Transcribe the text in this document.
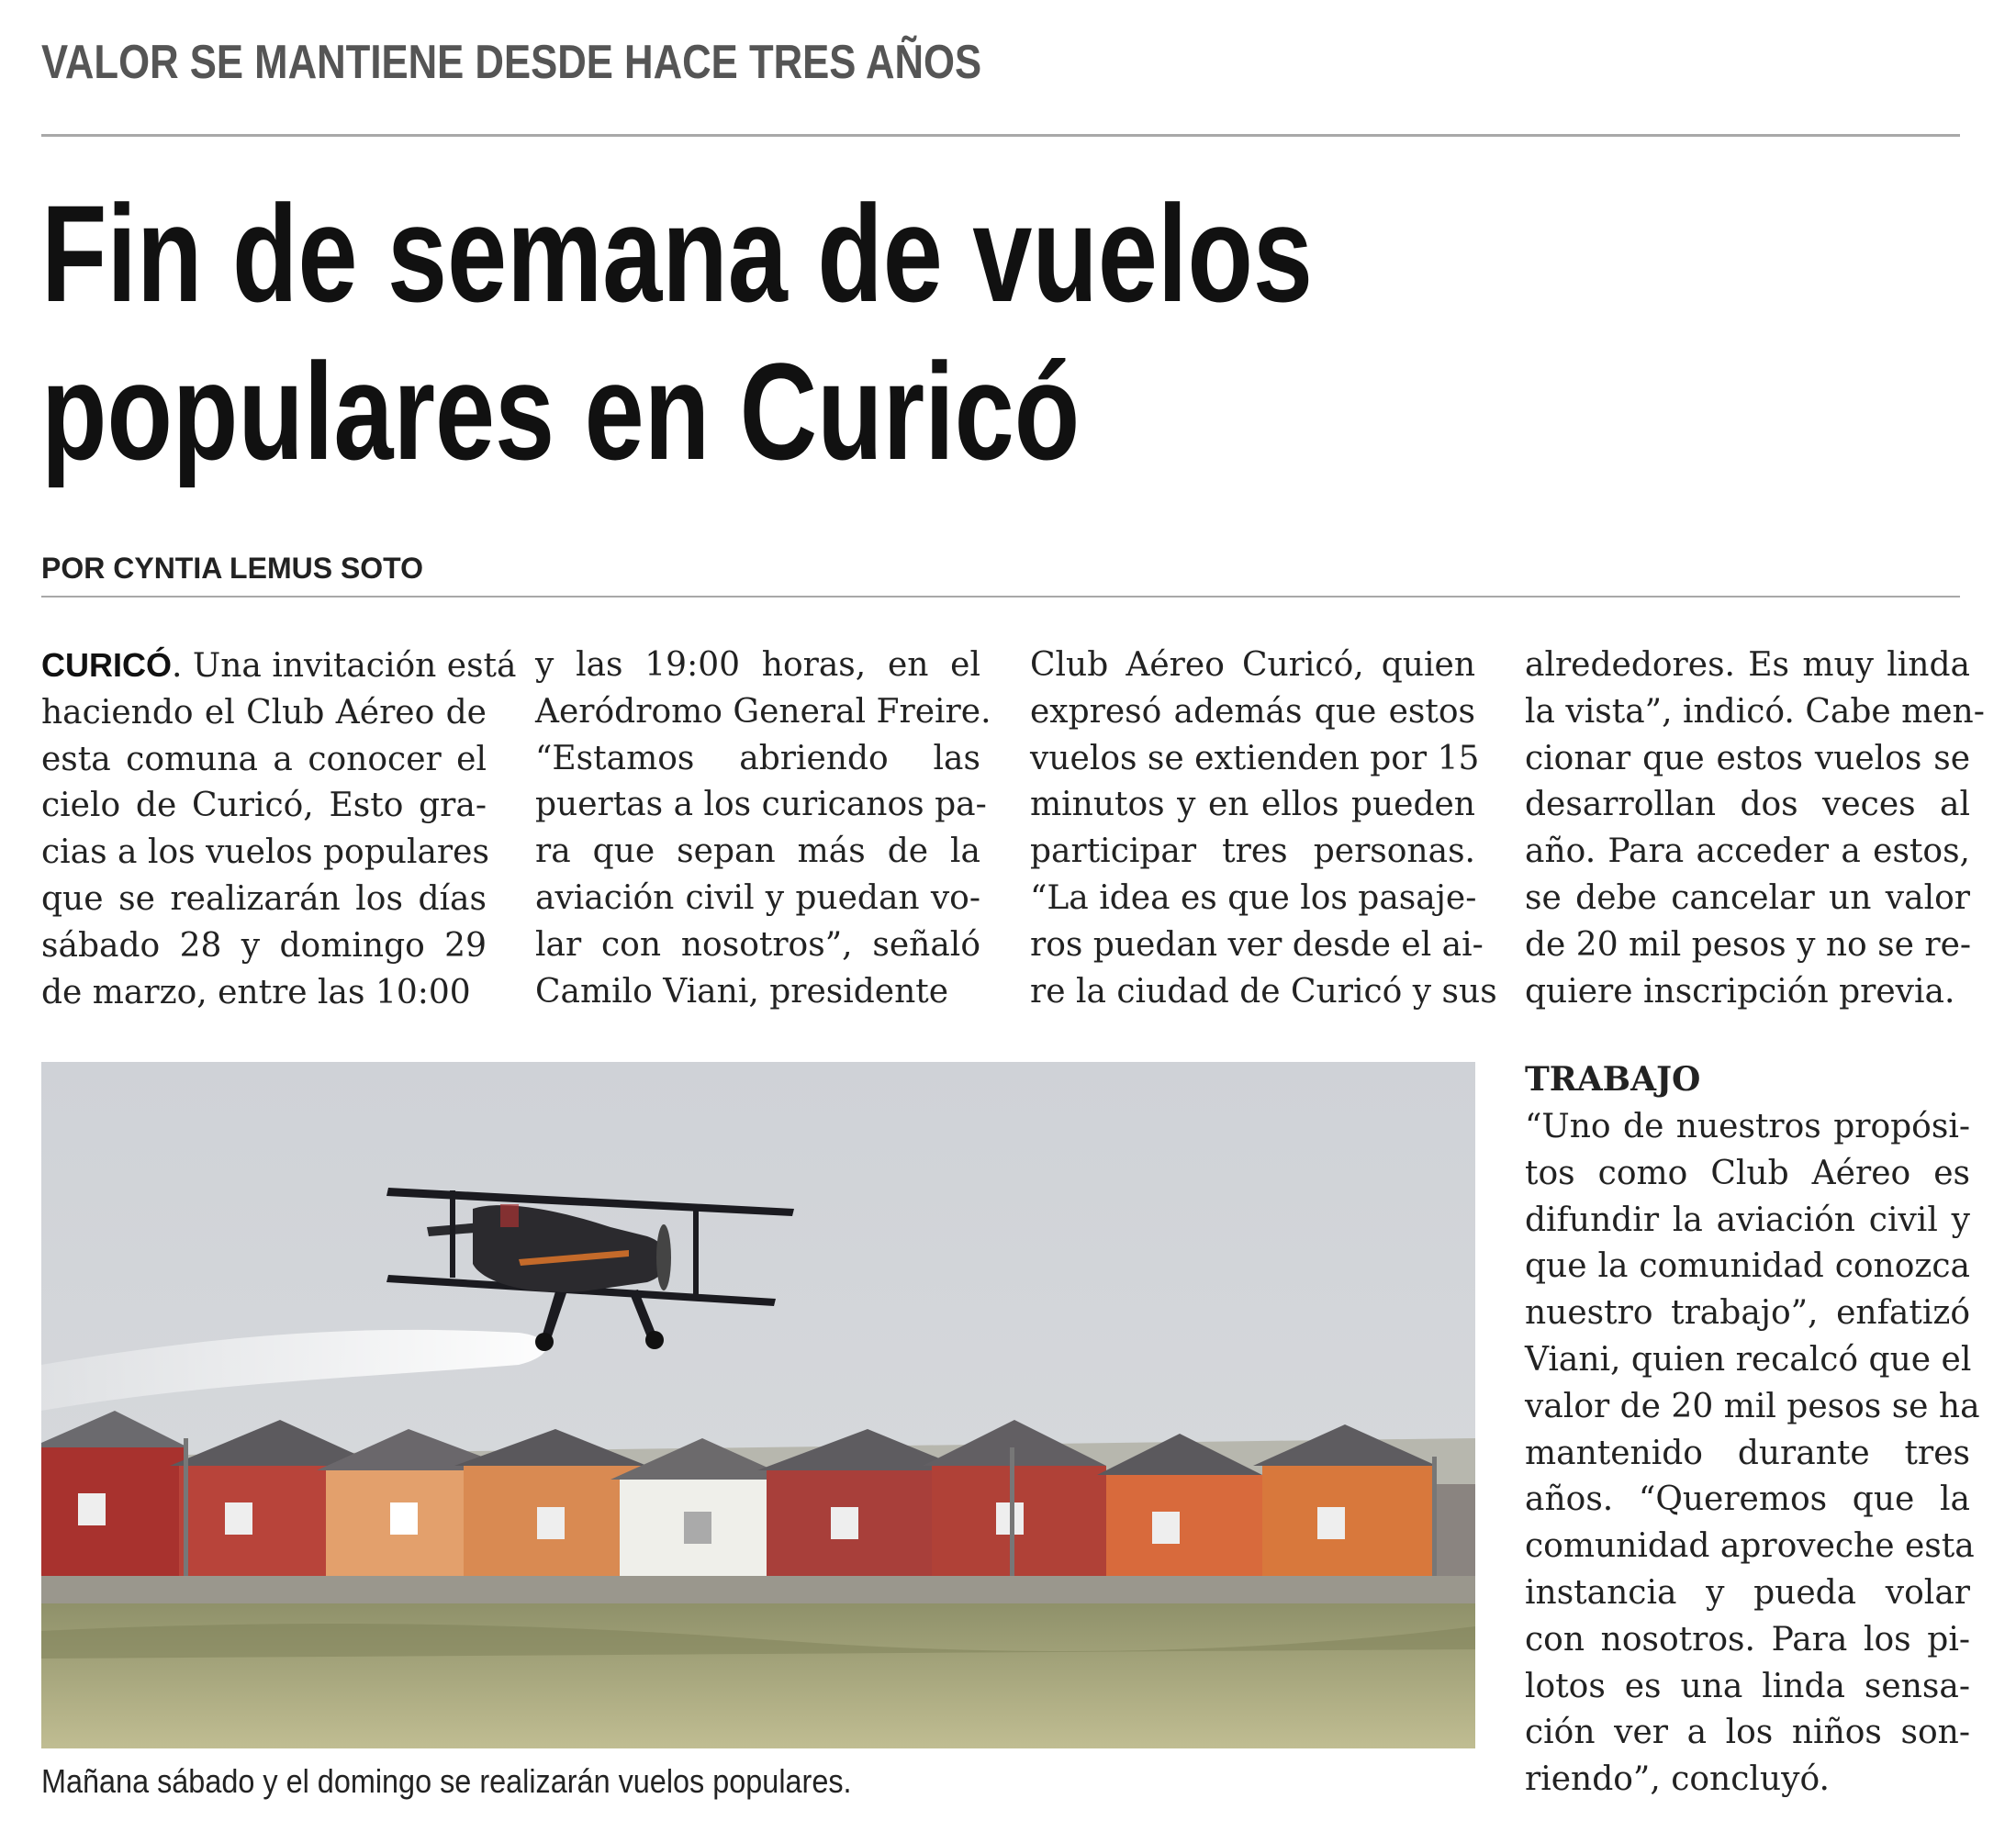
VALOR SE MANTIENE DESDE HACE TRES AÑOS
Fin de semana de vuelos
populares en Curicó
POR CYNTIA LEMUS SOTO
CURICÓ. Una invitación está
haciendo el Club Aéreo de
esta comuna a conocer el
cielo de Curicó, Esto gra-
cias a los vuelos populares
que se realizarán los días
sábado 28 y domingo 29
de marzo, entre las 10:00
y las 19:00 horas, en el
Aeródromo General Freire.
“Estamos abriendo las
puertas a los curicanos pa-
ra que sepan más de la
aviación civil y puedan vo-
lar con nosotros”, señaló
Camilo Viani, presidente
Club Aéreo Curicó, quien
expresó además que estos
vuelos se extienden por 15
minutos y en ellos pueden
participar tres personas.
“La idea es que los pasaje-
ros puedan ver desde el ai-
re la ciudad de Curicó y sus
alrededores. Es muy linda
la vista”, indicó. Cabe men-
cionar que estos vuelos se
desarrollan dos veces al
año. Para acceder a estos,
se debe cancelar un valor
de 20 mil pesos y no se re-
quiere inscripción previa.
Mañana sábado y el domingo se realizarán vuelos populares.
TRABAJO
“Uno de nuestros propósi-
tos como Club Aéreo es
difundir la aviación civil y
que la comunidad conozca
nuestro trabajo”, enfatizó
Viani, quien recalcó que el
valor de 20 mil pesos se ha
mantenido durante tres
años. “Queremos que la
comunidad aproveche esta
instancia y pueda volar
con nosotros. Para los pi-
lotos es una linda sensa-
ción ver a los niños son-
riendo”, concluyó.
